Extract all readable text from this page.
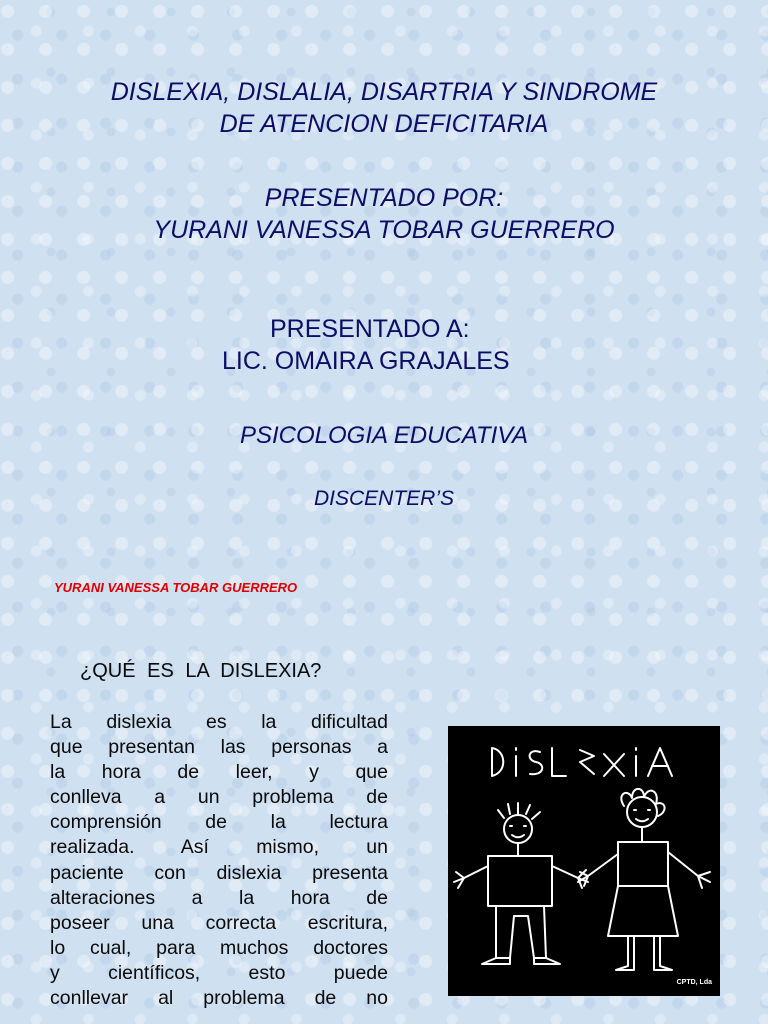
DISLEXIA, DISLALIA, DISARTRIA Y SINDROME
DE ATENCION DEFICITARIA
PRESENTADO POR:
YURANI VANESSA TOBAR GUERRERO
PRESENTADO A:
LIC. OMAIRA GRAJALES
PSICOLOGIA EDUCATIVA
DISCENTER’S
YURANI VANESSA TOBAR GUERRERO
¿QUÉ ES LA DISLEXIA?
La dislexia es la dificultad
que presentan las personas a
la hora de leer, y que
conlleva a un problema de
comprensión de la lectura
realizada. Así mismo, un
paciente con dislexia presenta
alteraciones a la hora de
poseer una correcta escritura,
lo cual, para muchos doctores
y científicos, esto puede
conllevar al problema de no
CPTD, Lda
